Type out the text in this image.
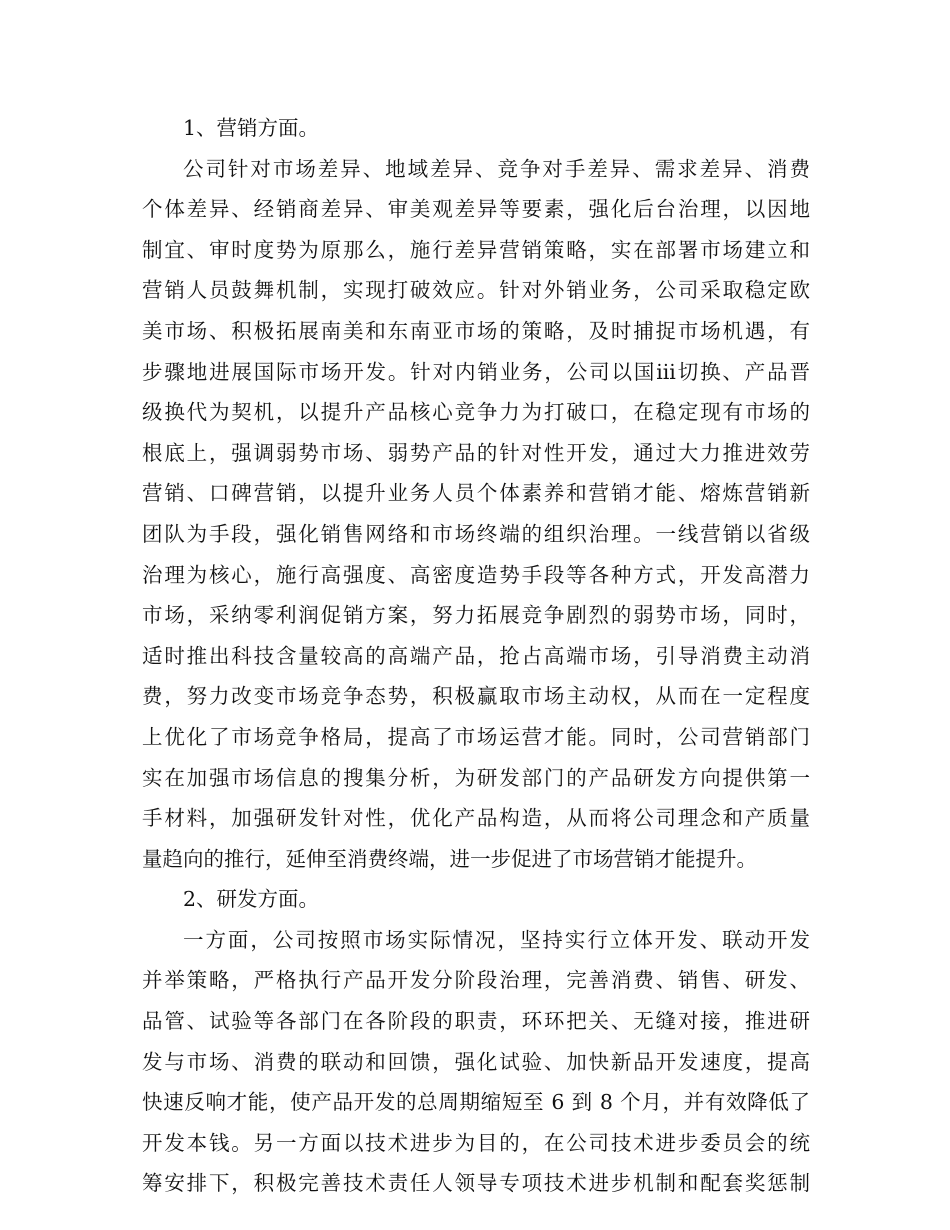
1、营销方面。
公司针对市场差异、地域差异、竞争对手差异、需求差异、消费
个体差异、经销商差异、审美观差异等要素，强化后台治理，以因地
制宜、审时度势为原那么，施行差异营销策略，实在部署市场建立和
营销人员鼓舞机制，实现打破效应。针对外销业务，公司采取稳定欧
美市场、积极拓展南美和东南亚市场的策略，及时捕捉市场机遇，有
步骤地进展国际市场开发。针对内销业务，公司以国iii切换、产品晋
级换代为契机，以提升产品核心竞争力为打破口，在稳定现有市场的
根底上，强调弱势市场、弱势产品的针对性开发，通过大力推进效劳
营销、口碑营销，以提升业务人员个体素养和营销才能、熔炼营销新
团队为手段，强化销售网络和市场终端的组织治理。一线营销以省级
治理为核心，施行高强度、高密度造势手段等各种方式，开发高潜力
市场，采纳零利润促销方案，努力拓展竞争剧烈的弱势市场，同时，
适时推出科技含量较高的高端产品，抢占高端市场，引导消费主动消
费，努力改变市场竞争态势，积极赢取市场主动权，从而在一定程度
上优化了市场竞争格局，提高了市场运营才能。同时，公司营销部门
实在加强市场信息的搜集分析，为研发部门的产品研发方向提供第一
手材料，加强研发针对性，优化产品构造，从而将公司理念和产质量
量趋向的推行，延伸至消费终端，进一步促进了市场营销才能提升。
2、研发方面。
一方面，公司按照市场实际情况，坚持实行立体开发、联动开发
并举策略，严格执行产品开发分阶段治理，完善消费、销售、研发、
品管、试验等各部门在各阶段的职责，环环把关、无缝对接，推进研
发与市场、消费的联动和回馈，强化试验、加快新品开发速度，提高
快速反响才能，使产品开发的总周期缩短至 6 到 8 个月，并有效降低了
开发本钱。另一方面以技术进步为目的，在公司技术进步委员会的统
筹安排下，积极完善技术责任人领导专项技术进步机制和配套奖惩制
